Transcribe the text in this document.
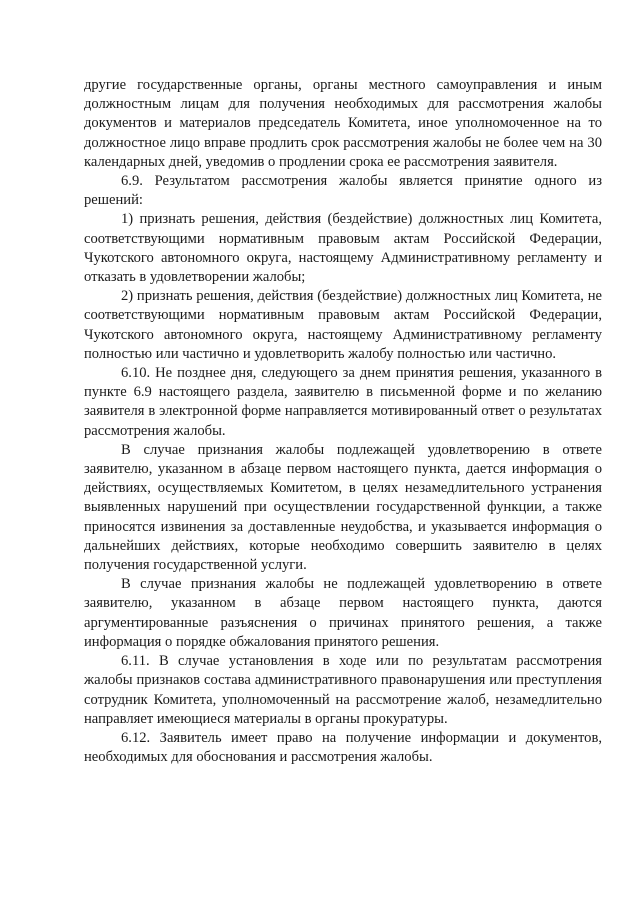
другие государственные органы, органы местного самоуправления и иным должностным лицам для получения необходимых для рассмотрения жалобы документов и материалов председатель Комитета, иное уполномоченное на то должностное лицо вправе продлить срок рассмотрения жалобы не более чем на 30 календарных дней, уведомив о продлении срока ее рассмотрения заявителя.

6.9. Результатом рассмотрения жалобы является принятие одного из решений:

1) признать решения, действия (бездействие) должностных лиц Комитета, соответствующими нормативным правовым актам Российской Федерации, Чукотского автономного округа, настоящему Административному регламенту и отказать в удовлетворении жалобы;

2) признать решения, действия (бездействие) должностных лиц Комитета, не соответствующими нормативным правовым актам Российской Федерации, Чукотского автономного округа, настоящему Административному регламенту полностью или частично и удовлетворить жалобу полностью или частично.

6.10. Не позднее дня, следующего за днем принятия решения, указанного в пункте 6.9 настоящего раздела, заявителю в письменной форме и по желанию заявителя в электронной форме направляется мотивированный ответ о результатах рассмотрения жалобы.

В случае признания жалобы подлежащей удовлетворению в ответе заявителю, указанном в абзаце первом настоящего пункта, дается информация о действиях, осуществляемых Комитетом, в целях незамедлительного устранения выявленных нарушений при осуществлении государственной функции, а также приносятся извинения за доставленные неудобства, и указывается информация о дальнейших действиях, которые необходимо совершить заявителю в целях получения государственной услуги.

В случае признания жалобы не подлежащей удовлетворению в ответе заявителю, указанном в абзаце первом настоящего пункта, даются аргументированные разъяснения о причинах принятого решения, а также информация о порядке обжалования принятого решения.

6.11. В случае установления в ходе или по результатам рассмотрения жалобы признаков состава административного правонарушения или преступления сотрудник Комитета, уполномоченный на рассмотрение жалоб, незамедлительно направляет имеющиеся материалы в органы прокуратуры.

6.12. Заявитель имеет право на получение информации и документов, необходимых для обоснования и рассмотрения жалобы.
